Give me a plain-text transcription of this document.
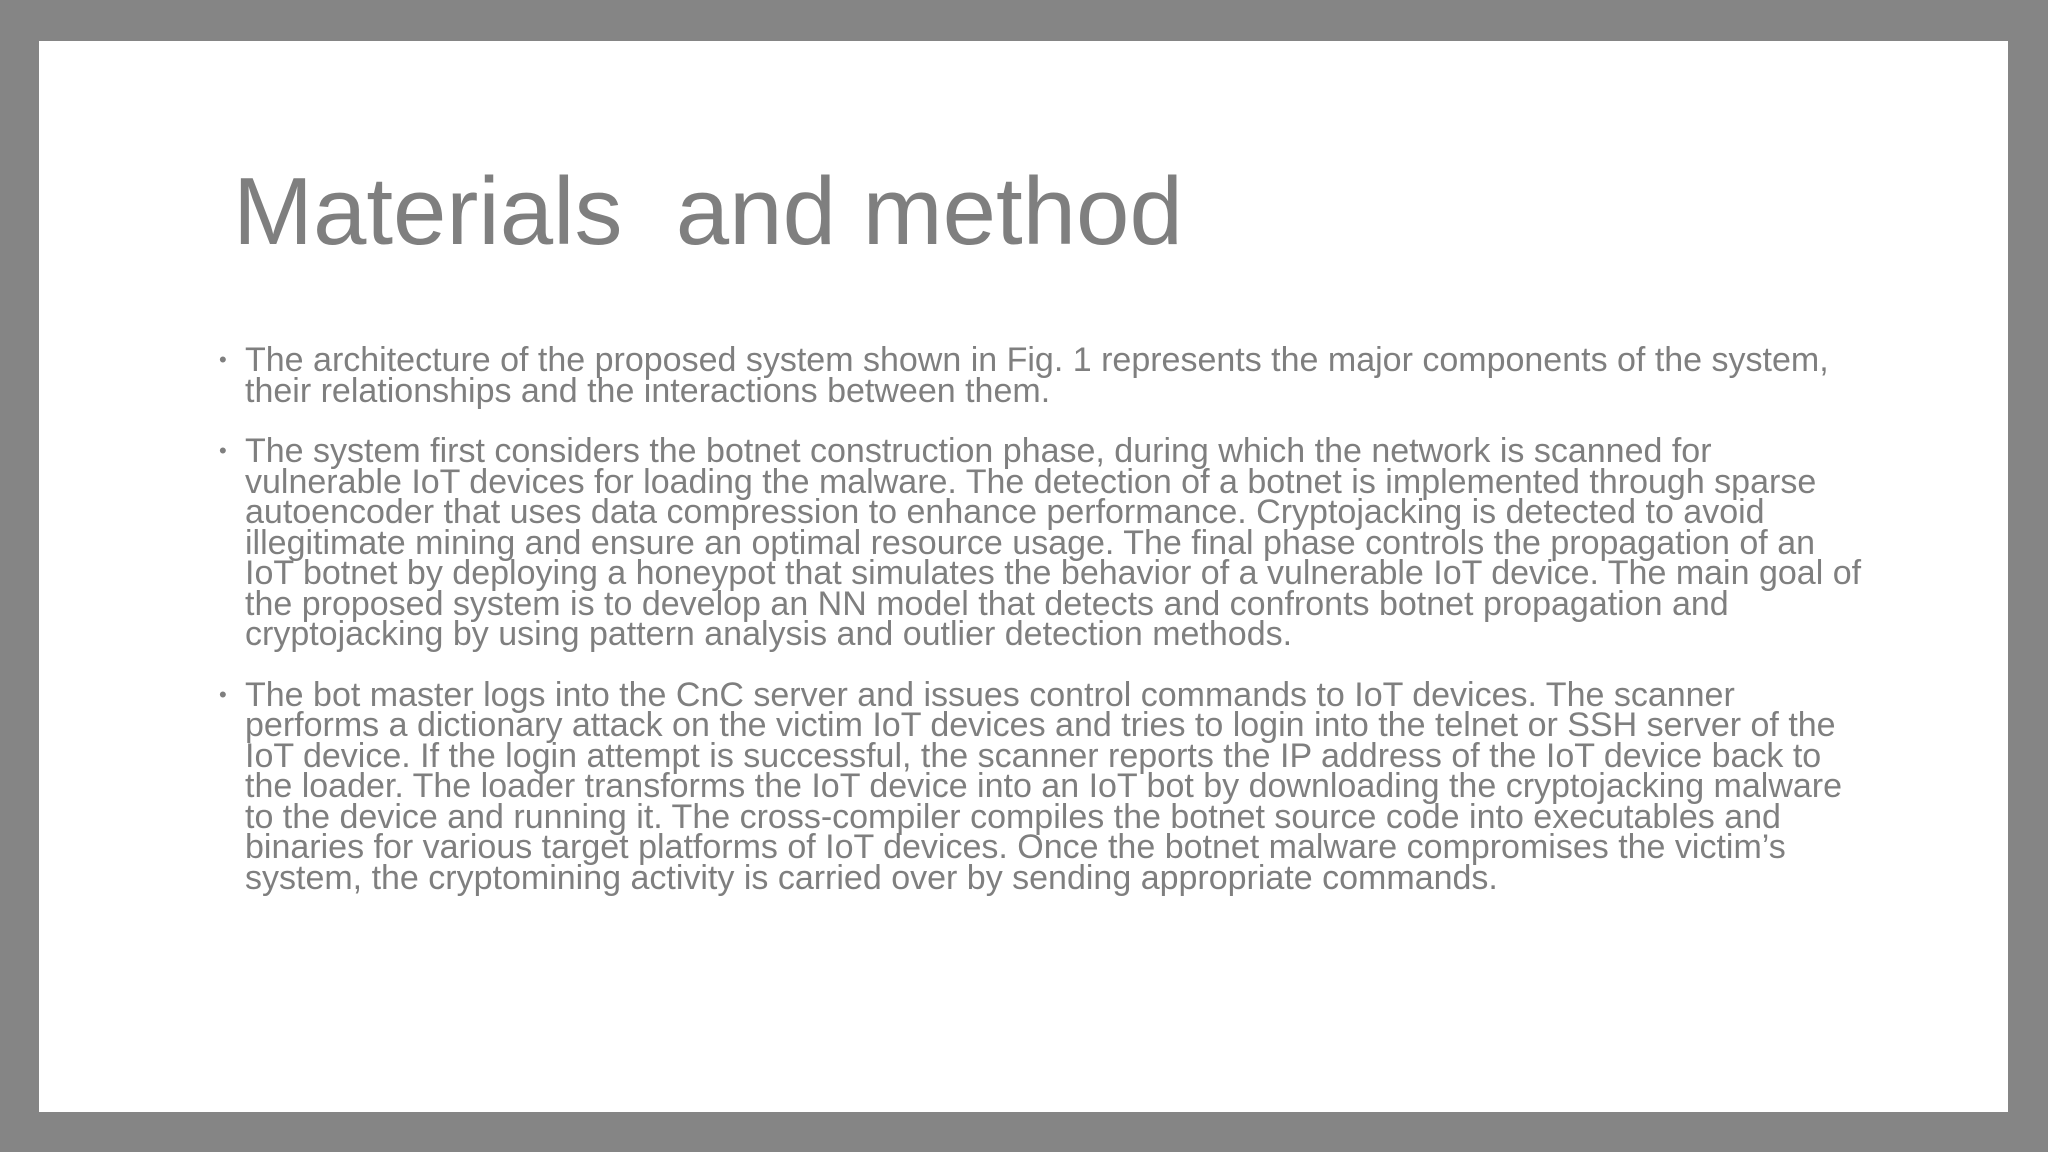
Materials  and method
• The architecture of the proposed system shown in Fig. 1 represents the major components of the system, their relationships and the interactions between them.
• The system first considers the botnet construction phase, during which the network is scanned for vulnerable IoT devices for loading the malware. The detection of a botnet is implemented through sparse autoencoder that uses data compression to enhance performance. Cryptojacking is detected to avoid illegitimate mining and ensure an optimal resource usage. The final phase controls the propagation of an IoT botnet by deploying a honeypot that simulates the behavior of a vulnerable IoT device. The main goal of the proposed system is to develop an NN model that detects and confronts botnet propagation and cryptojacking by using pattern analysis and outlier detection methods.
• The bot master logs into the CnC server and issues control commands to IoT devices. The scanner performs a dictionary attack on the victim IoT devices and tries to login into the telnet or SSH server of the IoT device. If the login attempt is successful, the scanner reports the IP address of the IoT device back to the loader. The loader transforms the IoT device into an IoT bot by downloading the cryptojacking malware to the device and running it. The cross-compiler compiles the botnet source code into executables and binaries for various target platforms of IoT devices. Once the botnet malware compromises the victim’s system, the cryptomining activity is carried over by sending appropriate commands.
